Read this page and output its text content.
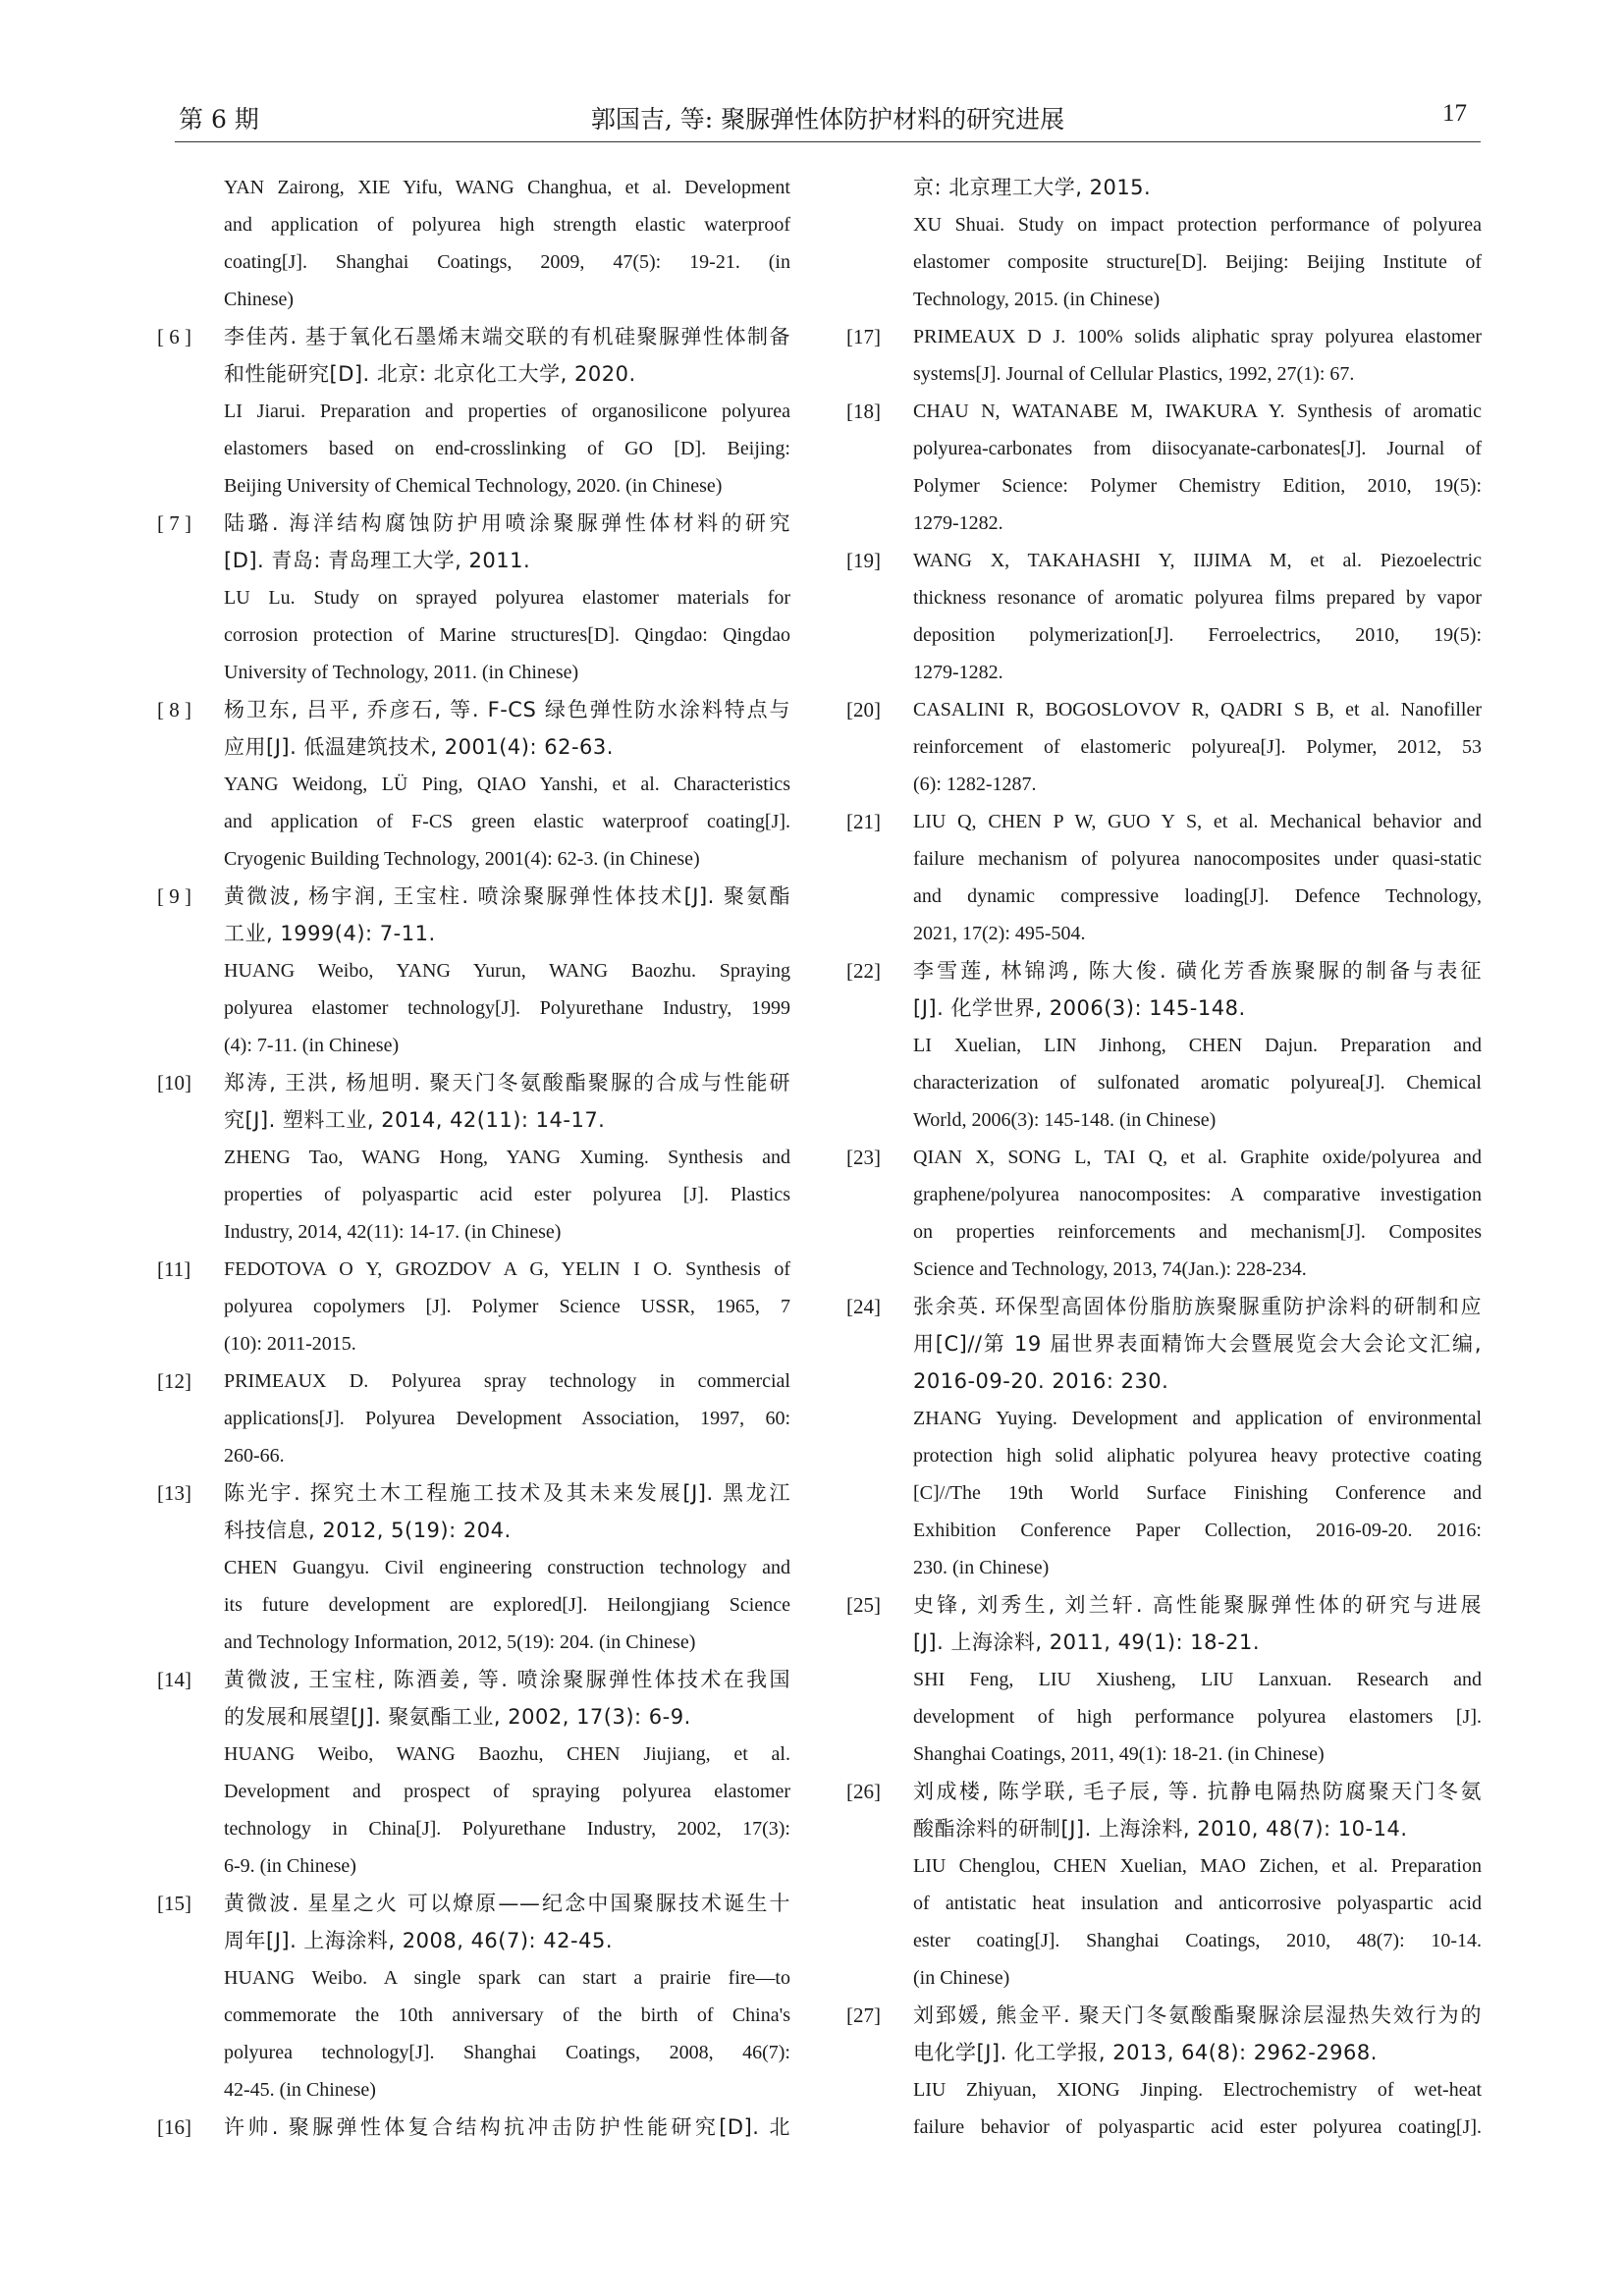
第 6 期	郭国吉, 等: 聚脲弹性体防护材料的研究进展	17
YAN Zairong, XIE Yifu, WANG Changhua, et al. Development
and application of polyurea high strength elastic waterproof
coating[J]. Shanghai Coatings, 2009, 47(5): 19-21. (in
Chinese)
[ 6 ]	李佳芮. 基于氧化石墨烯末端交联的有机硅聚脲弹性体制备
和性能研究[D]. 北京: 北京化工大学, 2020.
LI Jiarui. Preparation and properties of organosilicone polyurea
elastomers based on end-crosslinking of GO [D]. Beijing:
Beijing University of Chemical Technology, 2020. (in Chinese)
[ 7 ]	陆璐. 海洋结构腐蚀防护用喷涂聚脲弹性体材料的研究
[D]. 青岛: 青岛理工大学, 2011.
LU Lu. Study on sprayed polyurea elastomer materials for
corrosion protection of Marine structures[D]. Qingdao: Qingdao
University of Technology, 2011. (in Chinese)
[ 8 ]	杨卫东, 吕平, 乔彦石, 等. F-CS 绿色弹性防水涂料特点与
应用[J]. 低温建筑技术, 2001(4): 62-63.
YANG Weidong, LÜ Ping, QIAO Yanshi, et al. Characteristics
and application of F-CS green elastic waterproof coating[J].
Cryogenic Building Technology, 2001(4): 62-3. (in Chinese)
[ 9 ]	黄微波, 杨宇润, 王宝柱. 喷涂聚脲弹性体技术[J]. 聚氨酯
工业, 1999(4): 7-11.
HUANG Weibo, YANG Yurun, WANG Baozhu. Spraying
polyurea elastomer technology[J]. Polyurethane Industry, 1999
(4): 7-11. (in Chinese)
[10]	郑涛, 王洪, 杨旭明. 聚天门冬氨酸酯聚脲的合成与性能研
究[J]. 塑料工业, 2014, 42(11): 14-17.
ZHENG Tao, WANG Hong, YANG Xuming. Synthesis and
properties of polyaspartic acid ester polyurea [J]. Plastics
Industry, 2014, 42(11): 14-17. (in Chinese)
[11]	FEDOTOVA O Y, GROZDOV A G, YELIN I O. Synthesis of
polyurea copolymers [J]. Polymer Science USSR, 1965, 7
(10): 2011-2015.
[12]	PRIMEAUX D. Polyurea spray technology in commercial
applications[J]. Polyurea Development Association, 1997, 60:
260-66.
[13]	陈光宇. 探究土木工程施工技术及其未来发展[J]. 黑龙江
科技信息, 2012, 5(19): 204.
CHEN Guangyu. Civil engineering construction technology and
its future development are explored[J]. Heilongjiang Science
and Technology Information, 2012, 5(19): 204. (in Chinese)
[14]	黄微波, 王宝柱, 陈酒姜, 等. 喷涂聚脲弹性体技术在我国
的发展和展望[J]. 聚氨酯工业, 2002, 17(3): 6-9.
HUANG Weibo, WANG Baozhu, CHEN Jiujiang, et al.
Development and prospect of spraying polyurea elastomer
technology in China[J]. Polyurethane Industry, 2002, 17(3):
6-9. (in Chinese)
[15]	黄微波. 星星之火 可以燎原——纪念中国聚脲技术诞生十
周年[J]. 上海涂料, 2008, 46(7): 42-45.
HUANG Weibo. A single spark can start a prairie fire—to
commemorate the 10th anniversary of the birth of China's
polyurea technology[J]. Shanghai Coatings, 2008, 46(7):
42-45. (in Chinese)
[16]	许帅. 聚脲弹性体复合结构抗冲击防护性能研究[D]. 北
京: 北京理工大学, 2015.
XU Shuai. Study on impact protection performance of polyurea
elastomer composite structure[D]. Beijing: Beijing Institute of
Technology, 2015. (in Chinese)
[17]	PRIMEAUX D J. 100% solids aliphatic spray polyurea elastomer
systems[J]. Journal of Cellular Plastics, 1992, 27(1): 67.
[18]	CHAU N, WATANABE M, IWAKURA Y. Synthesis of aromatic
polyurea-carbonates from diisocyanate-carbonates[J]. Journal of
Polymer Science: Polymer Chemistry Edition, 2010, 19(5):
1279-1282.
[19]	WANG X, TAKAHASHI Y, IIJIMA M, et al. Piezoelectric
thickness resonance of aromatic polyurea films prepared by vapor
deposition polymerization[J]. Ferroelectrics, 2010, 19(5):
1279-1282.
[20]	CASALINI R, BOGOSLOVOV R, QADRI S B, et al. Nanofiller
reinforcement of elastomeric polyurea[J]. Polymer, 2012, 53
(6): 1282-1287.
[21]	LIU Q, CHEN P W, GUO Y S, et al. Mechanical behavior and
failure mechanism of polyurea nanocomposites under quasi-static
and dynamic compressive loading[J]. Defence Technology,
2021, 17(2): 495-504.
[22]	李雪莲, 林锦鸿, 陈大俊. 磺化芳香族聚脲的制备与表征
[J]. 化学世界, 2006(3): 145-148.
LI Xuelian, LIN Jinhong, CHEN Dajun. Preparation and
characterization of sulfonated aromatic polyurea[J]. Chemical
World, 2006(3): 145-148. (in Chinese)
[23]	QIAN X, SONG L, TAI Q, et al. Graphite oxide/polyurea and
graphene/polyurea nanocomposites: A comparative investigation
on properties reinforcements and mechanism[J]. Composites
Science and Technology, 2013, 74(Jan.): 228-234.
[24]	张余英. 环保型高固体份脂肪族聚脲重防护涂料的研制和应
用[C]//第 19 届世界表面精饰大会暨展览会大会论文汇编,
2016-09-20. 2016: 230.
ZHANG Yuying. Development and application of environmental
protection high solid aliphatic polyurea heavy protective coating
[C]//The 19th World Surface Finishing Conference and
Exhibition Conference Paper Collection, 2016-09-20. 2016:
230. (in Chinese)
[25]	史锋, 刘秀生, 刘兰轩. 高性能聚脲弹性体的研究与进展
[J]. 上海涂料, 2011, 49(1): 18-21.
SHI Feng, LIU Xiusheng, LIU Lanxuan. Research and
development of high performance polyurea elastomers [J].
Shanghai Coatings, 2011, 49(1): 18-21. (in Chinese)
[26]	刘成楼, 陈学联, 毛子辰, 等. 抗静电隔热防腐聚天门冬氨
酸酯涂料的研制[J]. 上海涂料, 2010, 48(7): 10-14.
LIU Chenglou, CHEN Xuelian, MAO Zichen, et al. Preparation
of antistatic heat insulation and anticorrosive polyaspartic acid
ester coating[J]. Shanghai Coatings, 2010, 48(7): 10-14.
(in Chinese)
[27]	刘郅媛, 熊金平. 聚天门冬氨酸酯聚脲涂层湿热失效行为的
电化学[J]. 化工学报, 2013, 64(8): 2962-2968.
LIU Zhiyuan, XIONG Jinping. Electrochemistry of wet-heat
failure behavior of polyaspartic acid ester polyurea coating[J].
